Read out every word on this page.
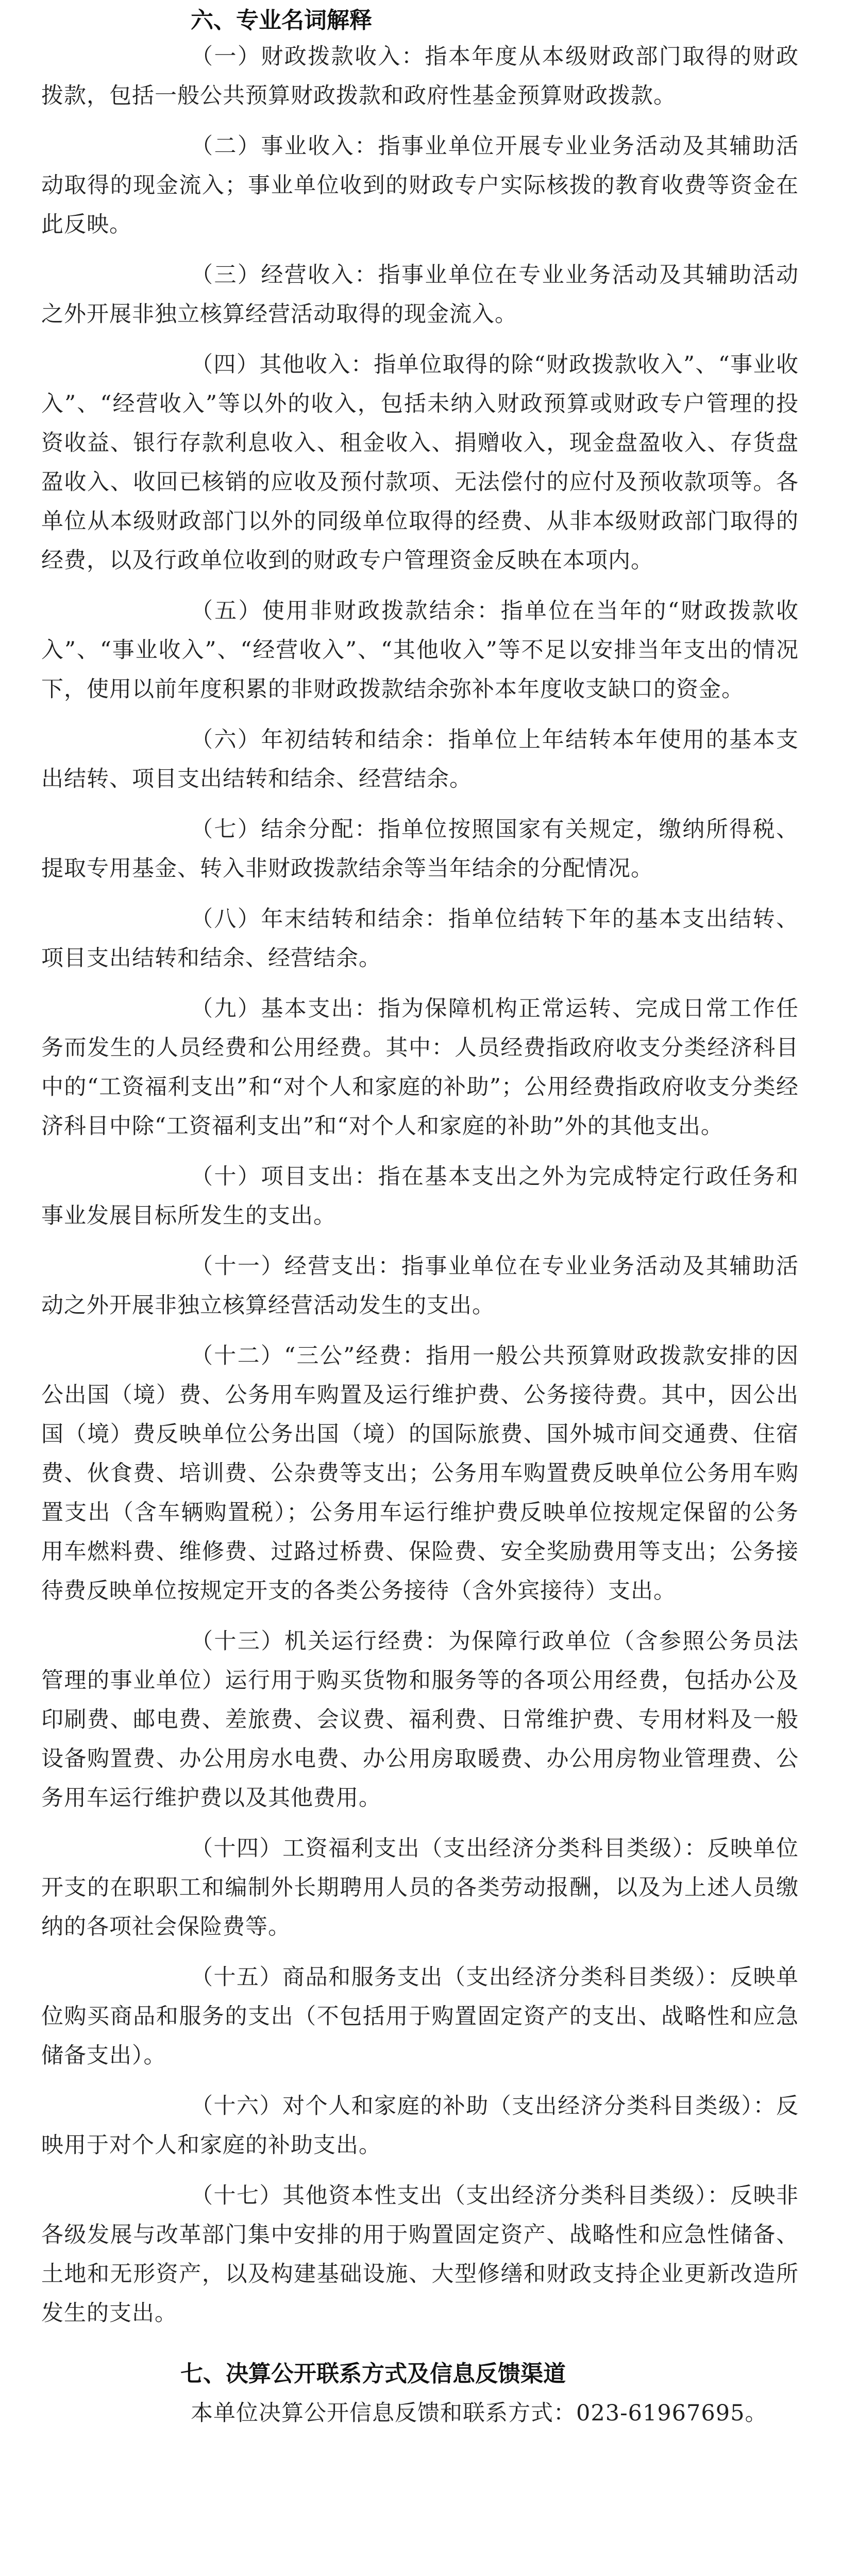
六、专业名词解释

（一）财政拨款收入：指本年度从本级财政部门取得的财政拨款，包括一般公共预算财政拨款和政府性基金预算财政拨款。

（二）事业收入：指事业单位开展专业业务活动及其辅助活动取得的现金流入；事业单位收到的财政专户实际核拨的教育收费等资金在此反映。

（三）经营收入：指事业单位在专业业务活动及其辅助活动之外开展非独立核算经营活动取得的现金流入。

（四）其他收入：指单位取得的除“财政拨款收入”、“事业收入”、“经营收入”等以外的收入，包括未纳入财政预算或财政专户管理的投资收益、银行存款利息收入、租金收入、捐赠收入，现金盘盈收入、存货盘盈收入、收回已核销的应收及预付款项、无法偿付的应付及预收款项等。各单位从本级财政部门以外的同级单位取得的经费、从非本级财政部门取得的经费，以及行政单位收到的财政专户管理资金反映在本项内。

（五）使用非财政拨款结余：指单位在当年的“财政拨款收入”、“事业收入”、“经营收入”、“其他收入”等不足以安排当年支出的情况下，使用以前年度积累的非财政拨款结余弥补本年度收支缺口的资金。

（六）年初结转和结余：指单位上年结转本年使用的基本支出结转、项目支出结转和结余、经营结余。

（七）结余分配：指单位按照国家有关规定，缴纳所得税、提取专用基金、转入非财政拨款结余等当年结余的分配情况。

（八）年末结转和结余：指单位结转下年的基本支出结转、项目支出结转和结余、经营结余。

（九）基本支出：指为保障机构正常运转、完成日常工作任务而发生的人员经费和公用经费。其中：人员经费指政府收支分类经济科目中的“工资福利支出”和“对个人和家庭的补助”；公用经费指政府收支分类经济科目中除“工资福利支出”和“对个人和家庭的补助”外的其他支出。

（十）项目支出：指在基本支出之外为完成特定行政任务和事业发展目标所发生的支出。

（十一）经营支出：指事业单位在专业业务活动及其辅助活动之外开展非独立核算经营活动发生的支出。

（十二）“三公”经费：指用一般公共预算财政拨款安排的因公出国（境）费、公务用车购置及运行维护费、公务接待费。其中，因公出国（境）费反映单位公务出国（境）的国际旅费、国外城市间交通费、住宿费、伙食费、培训费、公杂费等支出；公务用车购置费反映单位公务用车购置支出（含车辆购置税）；公务用车运行维护费反映单位按规定保留的公务用车燃料费、维修费、过路过桥费、保险费、安全奖励费用等支出；公务接待费反映单位按规定开支的各类公务接待（含外宾接待）支出。

（十三）机关运行经费：为保障行政单位（含参照公务员法管理的事业单位）运行用于购买货物和服务等的各项公用经费，包括办公及印刷费、邮电费、差旅费、会议费、福利费、日常维护费、专用材料及一般设备购置费、办公用房水电费、办公用房取暖费、办公用房物业管理费、公务用车运行维护费以及其他费用。

（十四）工资福利支出（支出经济分类科目类级）：反映单位开支的在职职工和编制外长期聘用人员的各类劳动报酬，以及为上述人员缴纳的各项社会保险费等。

（十五）商品和服务支出（支出经济分类科目类级）：反映单位购买商品和服务的支出（不包括用于购置固定资产的支出、战略性和应急储备支出）。

（十六）对个人和家庭的补助（支出经济分类科目类级）：反映用于对个人和家庭的补助支出。

（十七）其他资本性支出（支出经济分类科目类级）：反映非各级发展与改革部门集中安排的用于购置固定资产、战略性和应急性储备、土地和无形资产，以及构建基础设施、大型修缮和财政支持企业更新改造所发生的支出。

七、决算公开联系方式及信息反馈渠道

本单位决算公开信息反馈和联系方式：023-61967695。
